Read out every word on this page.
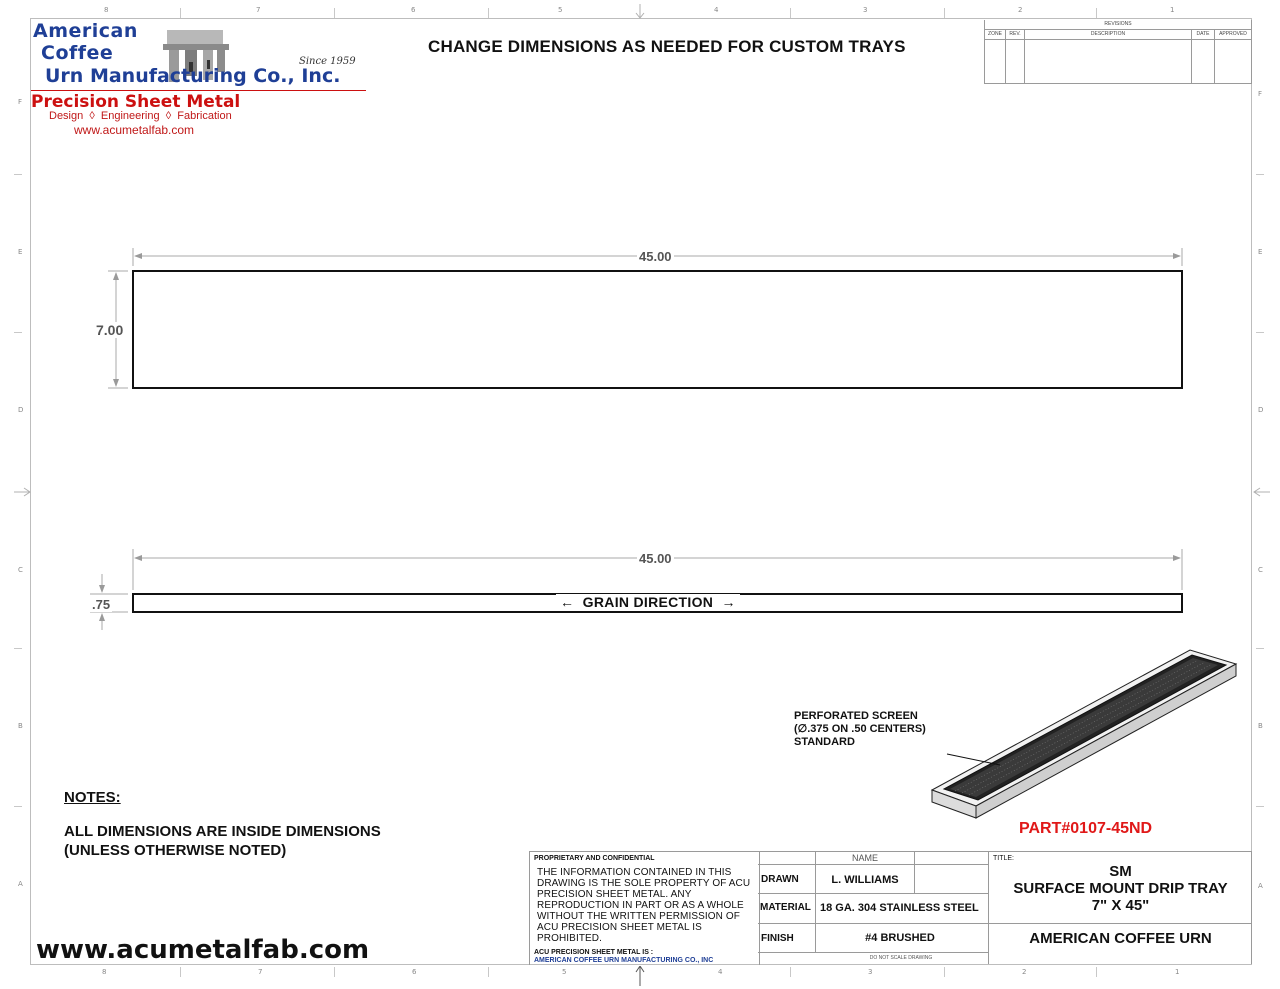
8	7	6	5	4	3	2	1
8	7	6	5	4	3	2	1
F
E
D
C
B
A
F
E
D
C
B
A
American
Coffee	Since 1959
Urn Manufacturing Co., Inc.
Precision Sheet Metal
Design  ◊  Engineering  ◊  Fabrication
www.acumetalfab.com
CHANGE DIMENSIONS AS NEEDED FOR CUSTOM TRAYS
REVISIONS				
ZONE	REV.	DESCRIPTION	DATE	APPROVED

45.00
7.00
45.00
.75	←  GRAIN DIRECTION  →
PERFORATED SCREEN
(∅.375 ON .50 CENTERS)
STANDARD
PART#0107-45ND
NOTES:
ALL DIMENSIONS ARE INSIDE DIMENSIONS
(UNLESS OTHERWISE NOTED)
www.acumetalfab.com
PROPRIETARY AND CONFIDENTIAL
THE INFORMATION CONTAINED IN THIS DRAWING IS THE SOLE PROPERTY OF ACU PRECISION SHEET METAL. ANY REPRODUCTION IN PART OR AS A WHOLE WITHOUT THE WRITTEN PERMISSION OF ACU PRECISION SHEET METAL IS PROHIBITED.
ACU PRECISION SHEET METAL IS :
AMERICAN COFFEE URN MANUFACTURING CO., INC
NAME
DRAWN	L. WILLIAMS
MATERIAL 18 GA. 304 STAINLESS STEEL
FINISH	#4 BRUSHED
DO NOT SCALE DRAWING
TITLE:
SM
SURFACE MOUNT DRIP TRAY
7" X 45"
AMERICAN COFFEE URN
